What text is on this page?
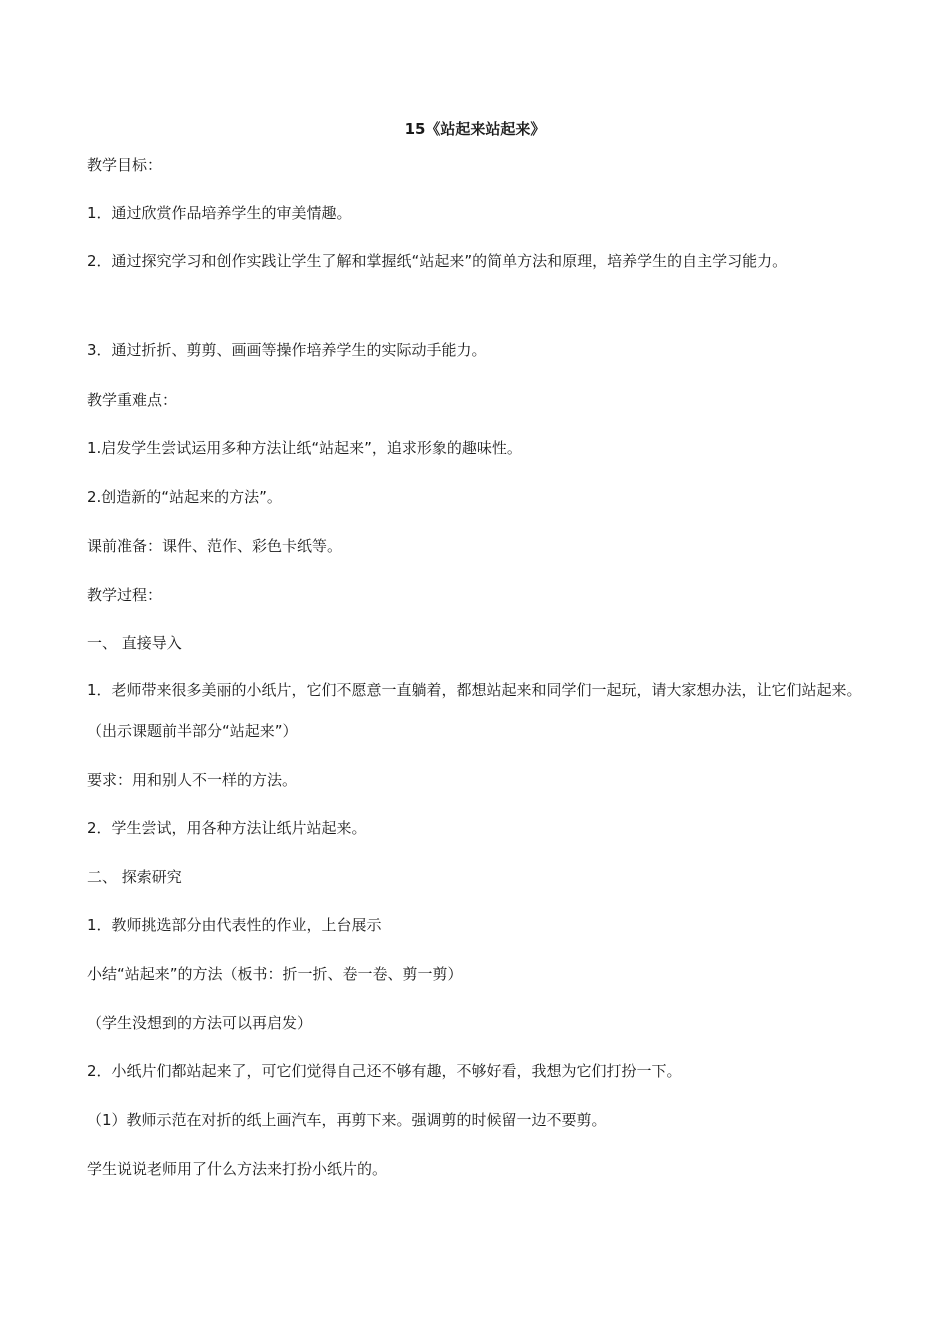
15《站起来站起来》
教学目标：
1．通过欣赏作品培养学生的审美情趣。
2．通过探究学习和创作实践让学生了解和掌握纸“站起来”的简单方法和原理，培养学生的自主学习能力。
3．通过折折、剪剪、画画等操作培养学生的实际动手能力。
教学重难点：
1.启发学生尝试运用多种方法让纸“站起来”，追求形象的趣味性。
2.创造新的“站起来的方法”。
课前准备：课件、范作、彩色卡纸等。
教学过程：
一、 直接导入
1．老师带来很多美丽的小纸片，它们不愿意一直躺着，都想站起来和同学们一起玩，请大家想办法，让它们站起来。（出示课题前半部分“站起来”）
要求：用和别人不一样的方法。
2．学生尝试，用各种方法让纸片站起来。
二、 探索研究
1．教师挑选部分由代表性的作业，上台展示
小结“站起来”的方法（板书：折一折、卷一卷、剪一剪）
（学生没想到的方法可以再启发）
2．小纸片们都站起来了，可它们觉得自己还不够有趣，不够好看，我想为它们打扮一下。
（1）教师示范在对折的纸上画汽车，再剪下来。强调剪的时候留一边不要剪。
学生说说老师用了什么方法来打扮小纸片的。
